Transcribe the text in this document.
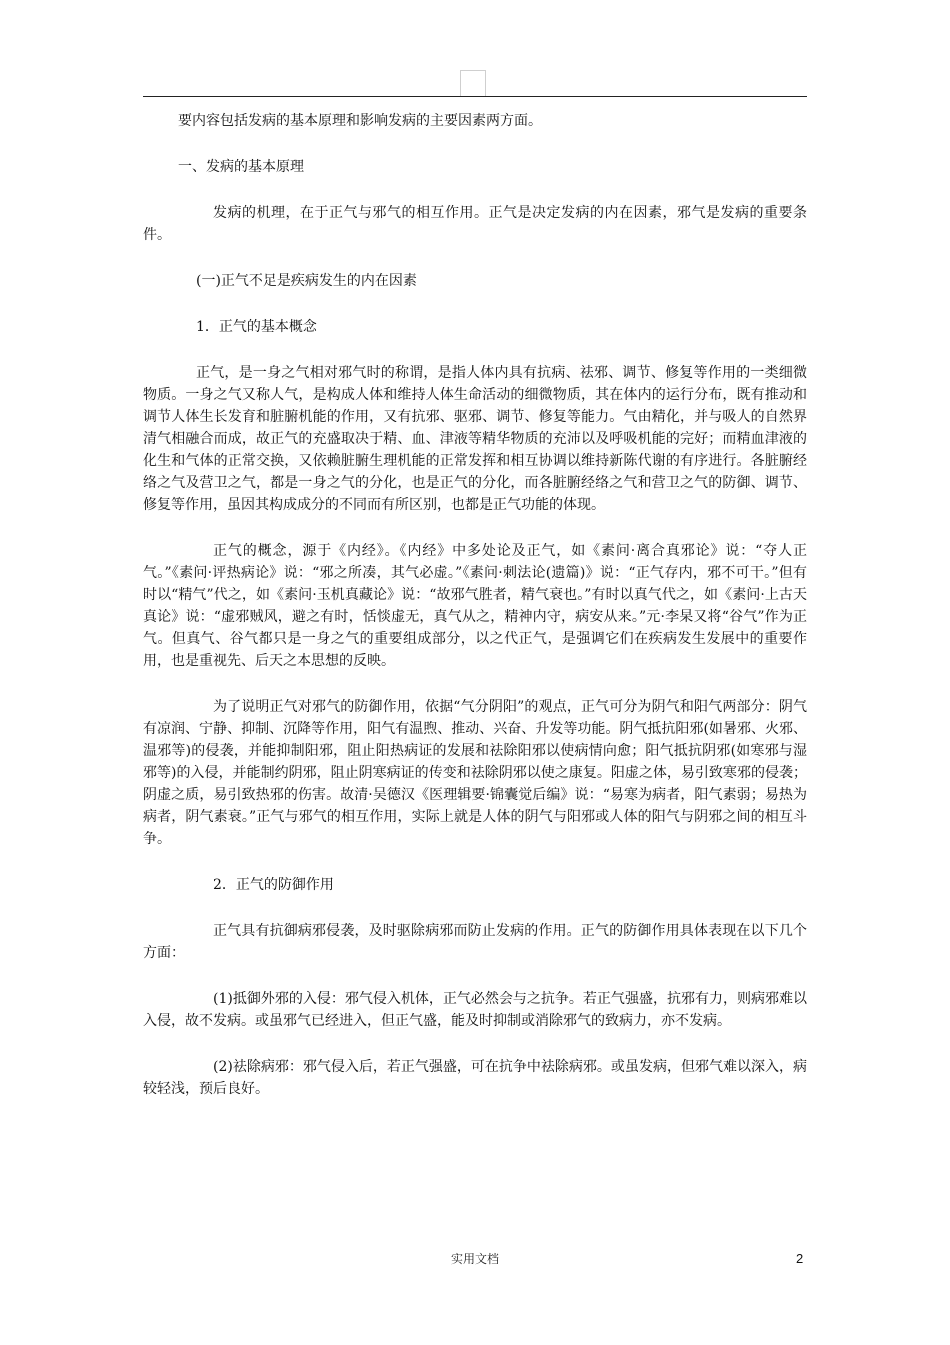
要内容包括发病的基本原理和影响发病的主要因素两方面。

一、发病的基本原理

发病的机理，在于正气与邪气的相互作用。正气是决定发病的内在因素，邪气是发病的重要条件。

(一)正气不足是疾病发生的内在因素

1．正气的基本概念

正气，是一身之气相对邪气时的称谓，是指人体内具有抗病、祛邪、调节、修复等作用的一类细微物质。一身之气又称人气，是构成人体和维持人体生命活动的细微物质，其在体内的运行分布，既有推动和调节人体生长发育和脏腑机能的作用，又有抗邪、驱邪、调节、修复等能力。气由精化，并与吸人的自然界清气相融合而成，故正气的充盛取决于精、血、津液等精华物质的充沛以及呼吸机能的完好；而精血津液的化生和气体的正常交换，又依赖脏腑生理机能的正常发挥和相互协调以维持新陈代谢的有序进行。各脏腑经络之气及营卫之气，都是一身之气的分化，也是正气的分化，而各脏腑经络之气和营卫之气的防御、调节、修复等作用，虽因其构成成分的不同而有所区别，也都是正气功能的体现。

正气的概念，源于《内经》。《内经》中多处论及正气，如《素问·离合真邪论》说：“夺人正气。”《素问·评热病论》说：“邪之所凑，其气必虚。”《素问·刺法论(遗篇)》说：“正气存内，邪不可干。”但有时以“精气”代之，如《素问·玉机真藏论》说：“故邪气胜者，精气衰也。”有时以真气代之，如《素问·上古天真论》说：“虚邪贼风，避之有时，恬惔虚无，真气从之，精神内守，病安从来。”元·李杲又将“谷气”作为正气。但真气、谷气都只是一身之气的重要组成部分，以之代正气，是强调它们在疾病发生发展中的重要作用，也是重视先、后天之本思想的反映。

为了说明正气对邪气的防御作用，依据“气分阴阳”的观点，正气可分为阴气和阳气两部分：阴气有凉润、宁静、抑制、沉降等作用，阳气有温煦、推动、兴奋、升发等功能。阴气抵抗阳邪(如暑邪、火邪、温邪等)的侵袭，并能抑制阳邪，阻止阳热病证的发展和祛除阳邪以使病情向愈；阳气抵抗阴邪(如寒邪与湿邪等)的入侵，并能制约阴邪，阻止阴寒病证的传变和祛除阴邪以使之康复。阳虚之体，易引致寒邪的侵袭；阴虚之质，易引致热邪的伤害。故清·吴德汉《医理辑要·锦囊觉后编》说：“易寒为病者，阳气素弱；易热为病者，阴气素衰。”正气与邪气的相互作用，实际上就是人体的阴气与阳邪或人体的阳气与阴邪之间的相互斗争。

2．正气的防御作用

正气具有抗御病邪侵袭，及时驱除病邪而防止发病的作用。正气的防御作用具体表现在以下几个方面：

(1)抵御外邪的入侵：邪气侵入机体，正气必然会与之抗争。若正气强盛，抗邪有力，则病邪难以入侵，故不发病。或虽邪气已经进入，但正气盛，能及时抑制或消除邪气的致病力，亦不发病。

(2)祛除病邪：邪气侵入后，若正气强盛，可在抗争中祛除病邪。或虽发病，但邪气难以深入，病较轻浅，预后良好。

实用文档	2
